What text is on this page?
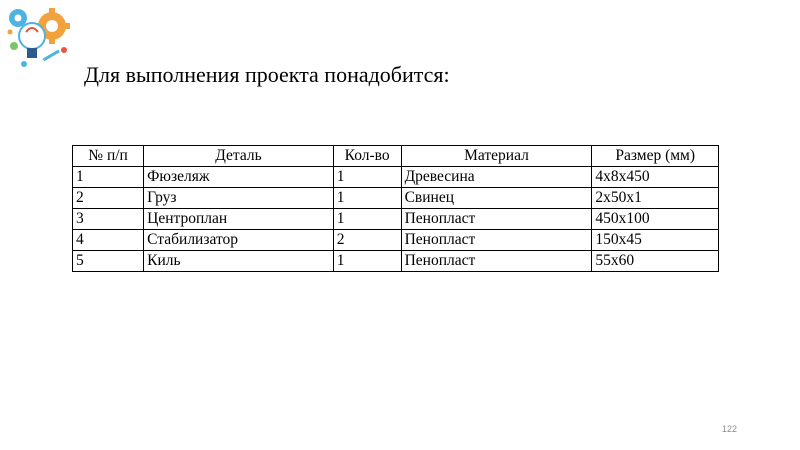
Для выполнения проекта понадобится:
№ п/п	Деталь	Кол-во	Материал	Размер (мм)
1	Фюзеляж	1	Древесина	4x8x450
2	Груз	1	Свинец	2x50x1
3	Центроплан	1	Пенопласт	450x100
4	Стабилизатор	2	Пенопласт	150x45
5	Киль	1	Пенопласт	55x60
122
